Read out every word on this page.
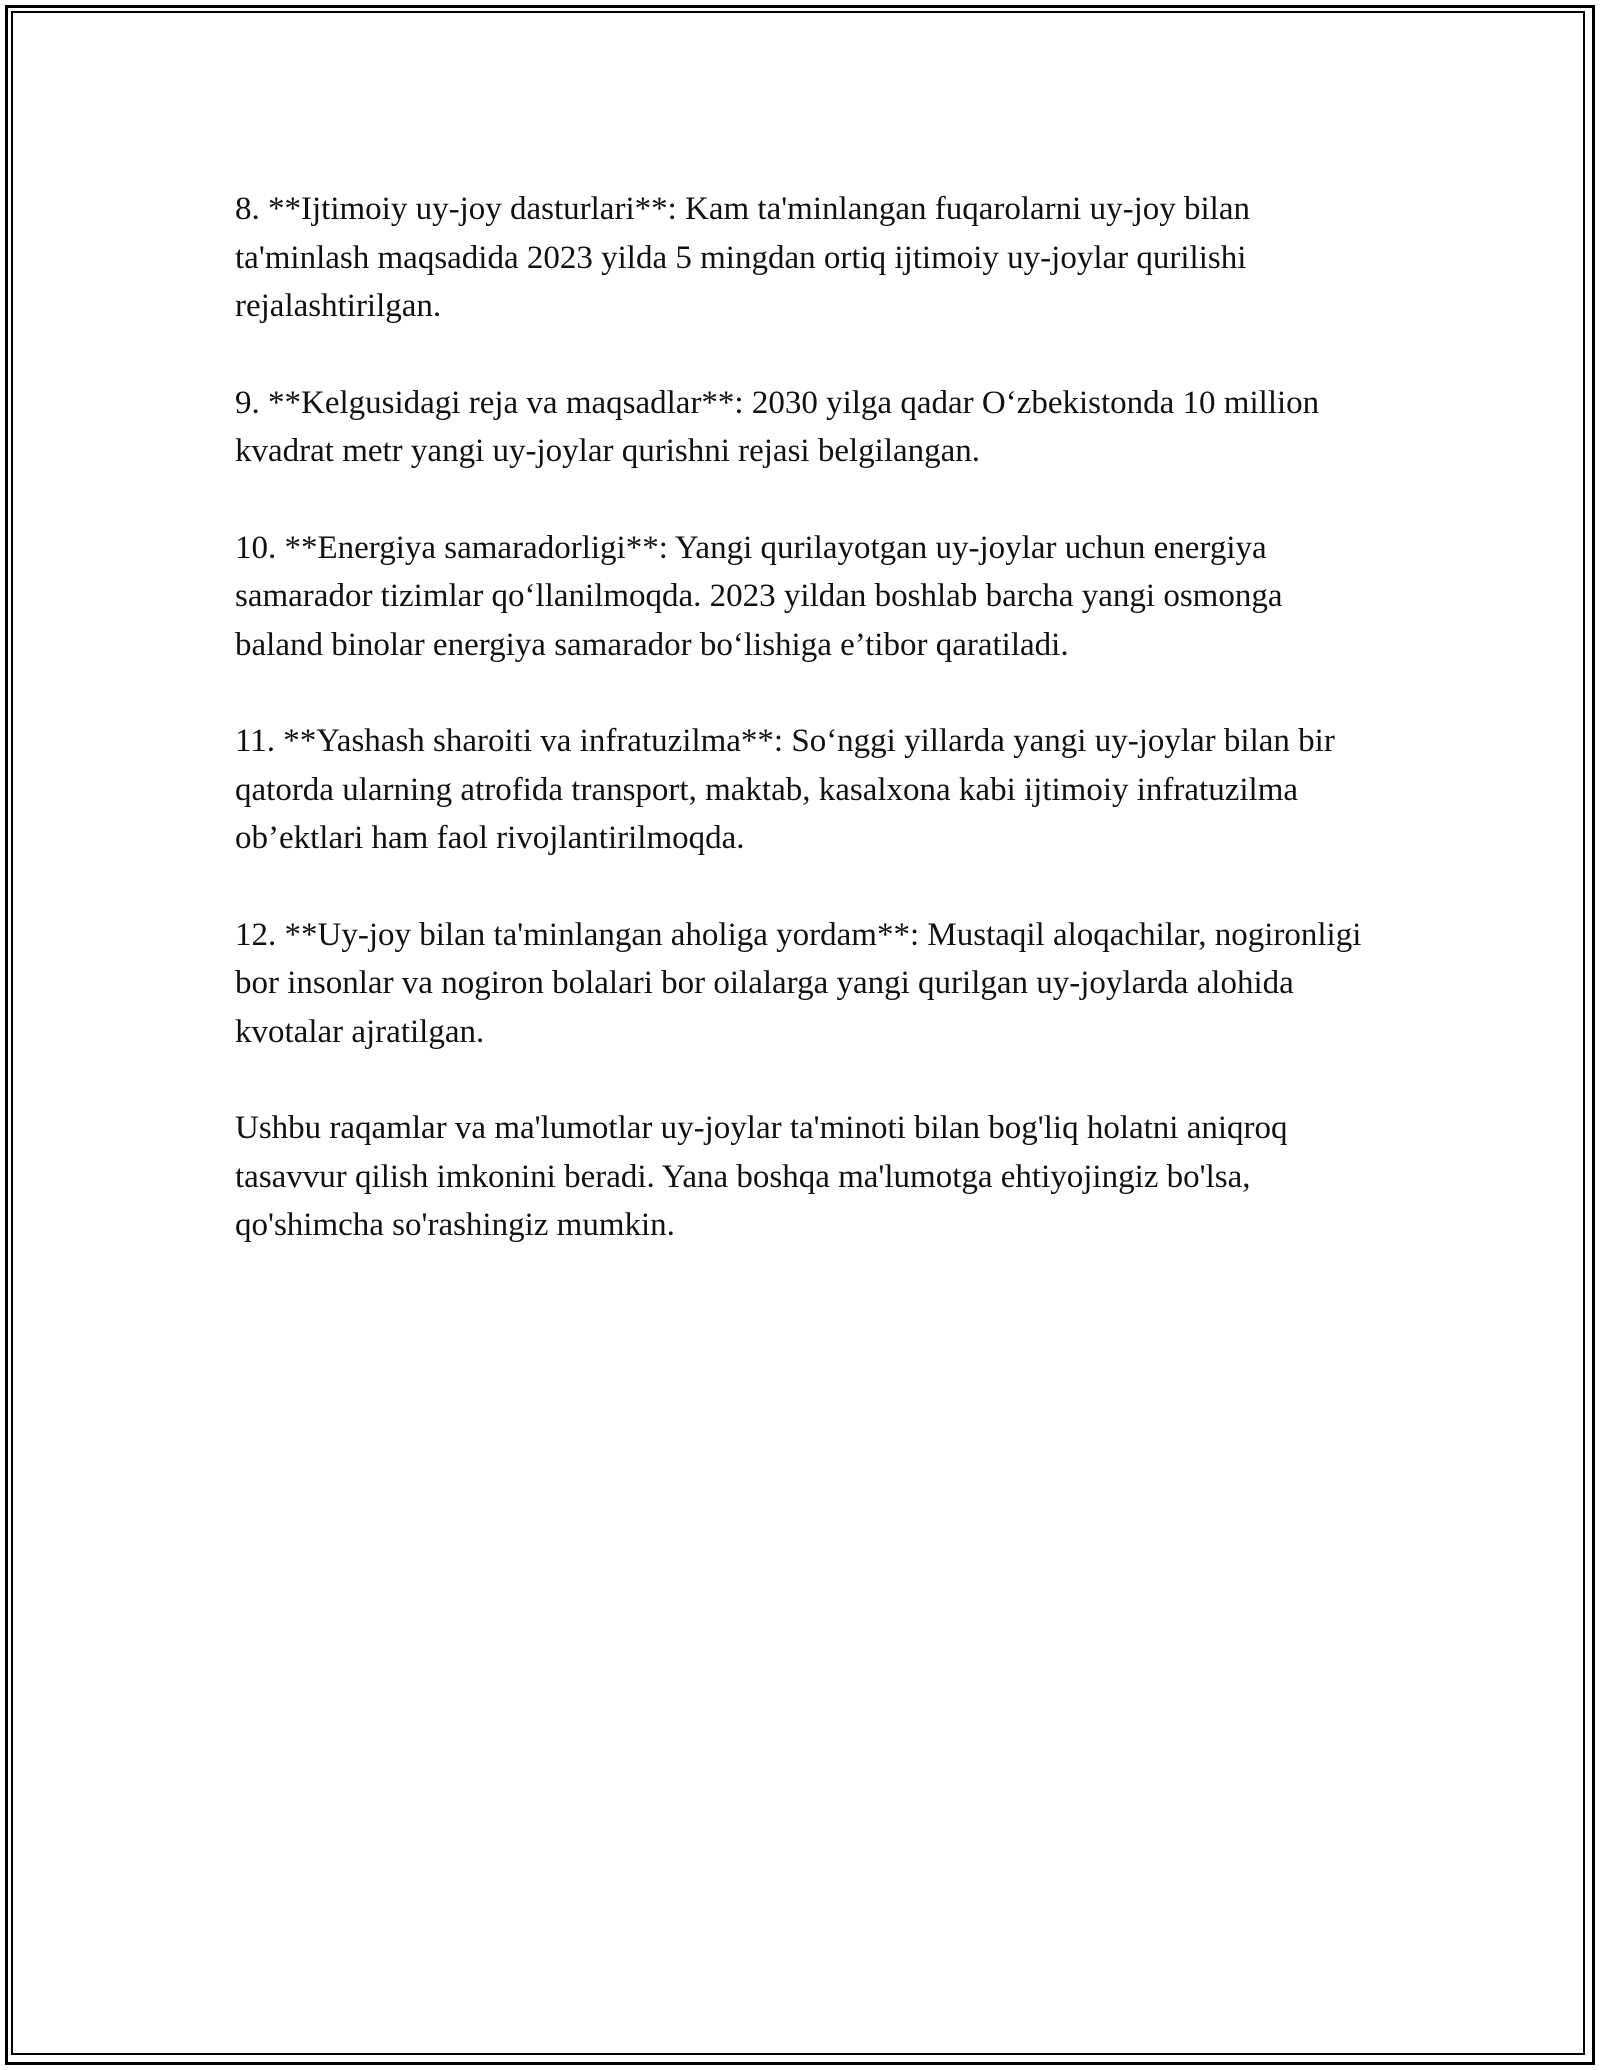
8. **Ijtimoiy uy-joy dasturlari**: Kam ta'minlangan fuqarolarni uy-joy bilan ta'minlash maqsadida 2023 yilda 5 mingdan ortiq ijtimoiy uy-joylar qurilishi rejalashtirilgan.

9. **Kelgusidagi reja va maqsadlar**: 2030 yilga qadar O‘zbekistonda 10 million kvadrat metr yangi uy-joylar qurishni rejasi belgilangan.

10. **Energiya samaradorligi**: Yangi qurilayotgan uy-joylar uchun energiya samarador tizimlar qo‘llanilmoqda. 2023 yildan boshlab barcha yangi osmonga baland binolar energiya samarador bo‘lishiga e’tibor qaratiladi.

11. **Yashash sharoiti va infratuzilma**: So‘nggi yillarda yangi uy-joylar bilan bir qatorda ularning atrofida transport, maktab, kasalxona kabi ijtimoiy infratuzilma ob’ektlari ham faol rivojlantirilmoqda.

12. **Uy-joy bilan ta'minlangan aholiga yordam**: Mustaqil aloqachilar, nogironligi bor insonlar va nogiron bolalari bor oilalarga yangi qurilgan uy-joylarda alohida kvotalar ajratilgan.

Ushbu raqamlar va ma'lumotlar uy-joylar ta'minoti bilan bog'liq holatni aniqroq tasavvur qilish imkonini beradi. Yana boshqa ma'lumotga ehtiyojingiz bo'lsa, qo'shimcha so'rashingiz mumkin.
